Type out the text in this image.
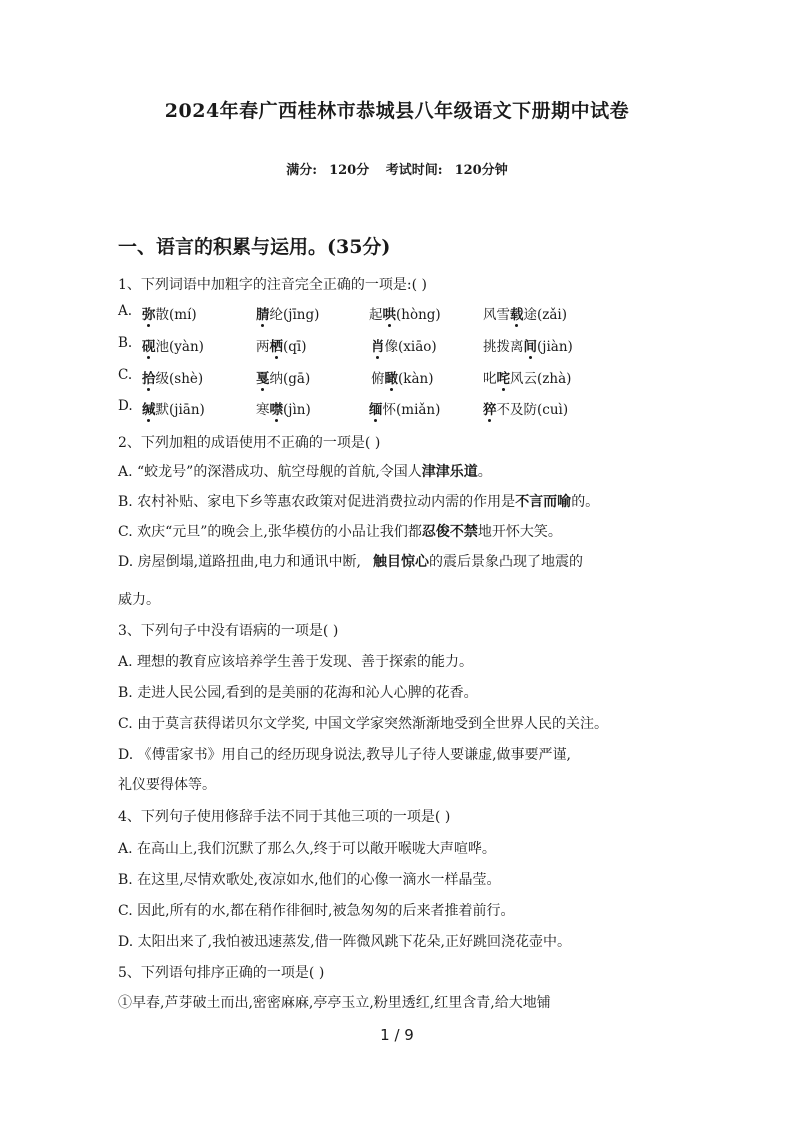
2024年春广西桂林市恭城县八年级语文下册期中试卷
满分: 120分 考试时间: 120分钟
一、语言的积累与运用。(35分)
1、下列词语中加粗字的注音完全正确的一项是:( )
A. 弥散(mí)	腈纶(jīng)	起哄(hòng)	风雪载途(zǎi)
B. 砚池(yàn)	两栖(qī)	肖像(xiāo)	挑拨离间(jiàn)
C. 拾级(shè)	戛纳(gā)	俯瞰(kàn)	叱咤风云(zhà)
D. 缄默(jiān)	寒噤(jìn)	缅怀(miǎn)	猝不及防(cuì)
2、下列加粗的成语使用不正确的一项是( )
A. “蛟龙号”的深潜成功、航空母舰的首航,令国人津津乐道。
B. 农村补贴、家电下乡等惠农政策对促进消费拉动内需的作用是不言而喻的。
C. 欢庆“元旦”的晚会上,张华模仿的小品让我们都忍俊不禁地开怀大笑。
D. 房屋倒塌,道路扭曲,电力和通讯中断, 触目惊心的震后景象凸现了地震的
威力。
3、下列句子中没有语病的一项是( )
A. 理想的教育应该培养学生善于发现、善于探索的能力。
B. 走进人民公园,看到的是美丽的花海和沁人心脾的花香。
C. 由于莫言获得诺贝尔文学奖, 中国文学家突然渐渐地受到全世界人民的关注。
D. 《傅雷家书》用自己的经历现身说法,教导儿子待人要谦虚,做事要严谨,
礼仪要得体等。
4、下列句子使用修辞手法不同于其他三项的一项是( )
A. 在高山上,我们沉默了那么久,终于可以敞开喉咙大声喧哗。
B. 在这里,尽情欢歌处,夜凉如水,他们的心像一滴水一样晶莹。
C. 因此,所有的水,都在稍作徘徊时,被急匆匆的后来者推着前行。
D. 太阳出来了,我怕被迅速蒸发,借一阵微风跳下花朵,正好跳回浇花壶中。
5、下列语句排序正确的一项是( )
①早春,芦芽破土而出,密密麻麻,亭亭玉立,粉里透红,红里含青,给大地铺
1 / 9
